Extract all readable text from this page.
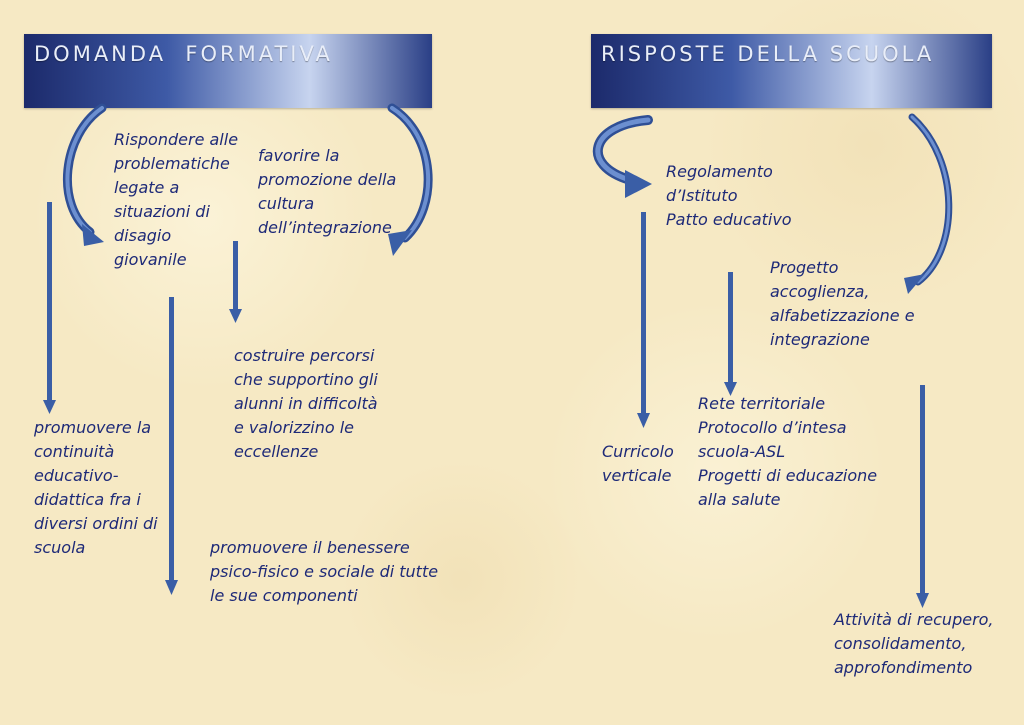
DOMANDA  FORMATIVA	RISPOSTE DELLA SCUOLA
Rispondere alle
problematiche
legate a
situazioni di
disagio
giovanile
favorire la
promozione della
cultura
dell’integrazione
costruire percorsi
che supportino gli
alunni in difficoltà
e valorizzino le
eccellenze
promuovere la
continuità
educativo-
didattica fra i
diversi ordini di
scuola	promuovere il benessere
psico-fisico e sociale di tutte
le sue componenti
Regolamento
d’Istituto
Patto educativo
Progetto
accoglienza,
alfabetizzazione e
integrazione
Rete territoriale
Protocollo d’intesa
scuola-ASL
Progetti di educazione
alla salute
Curricolo
verticale
Attività di recupero,
consolidamento,
approfondimento
